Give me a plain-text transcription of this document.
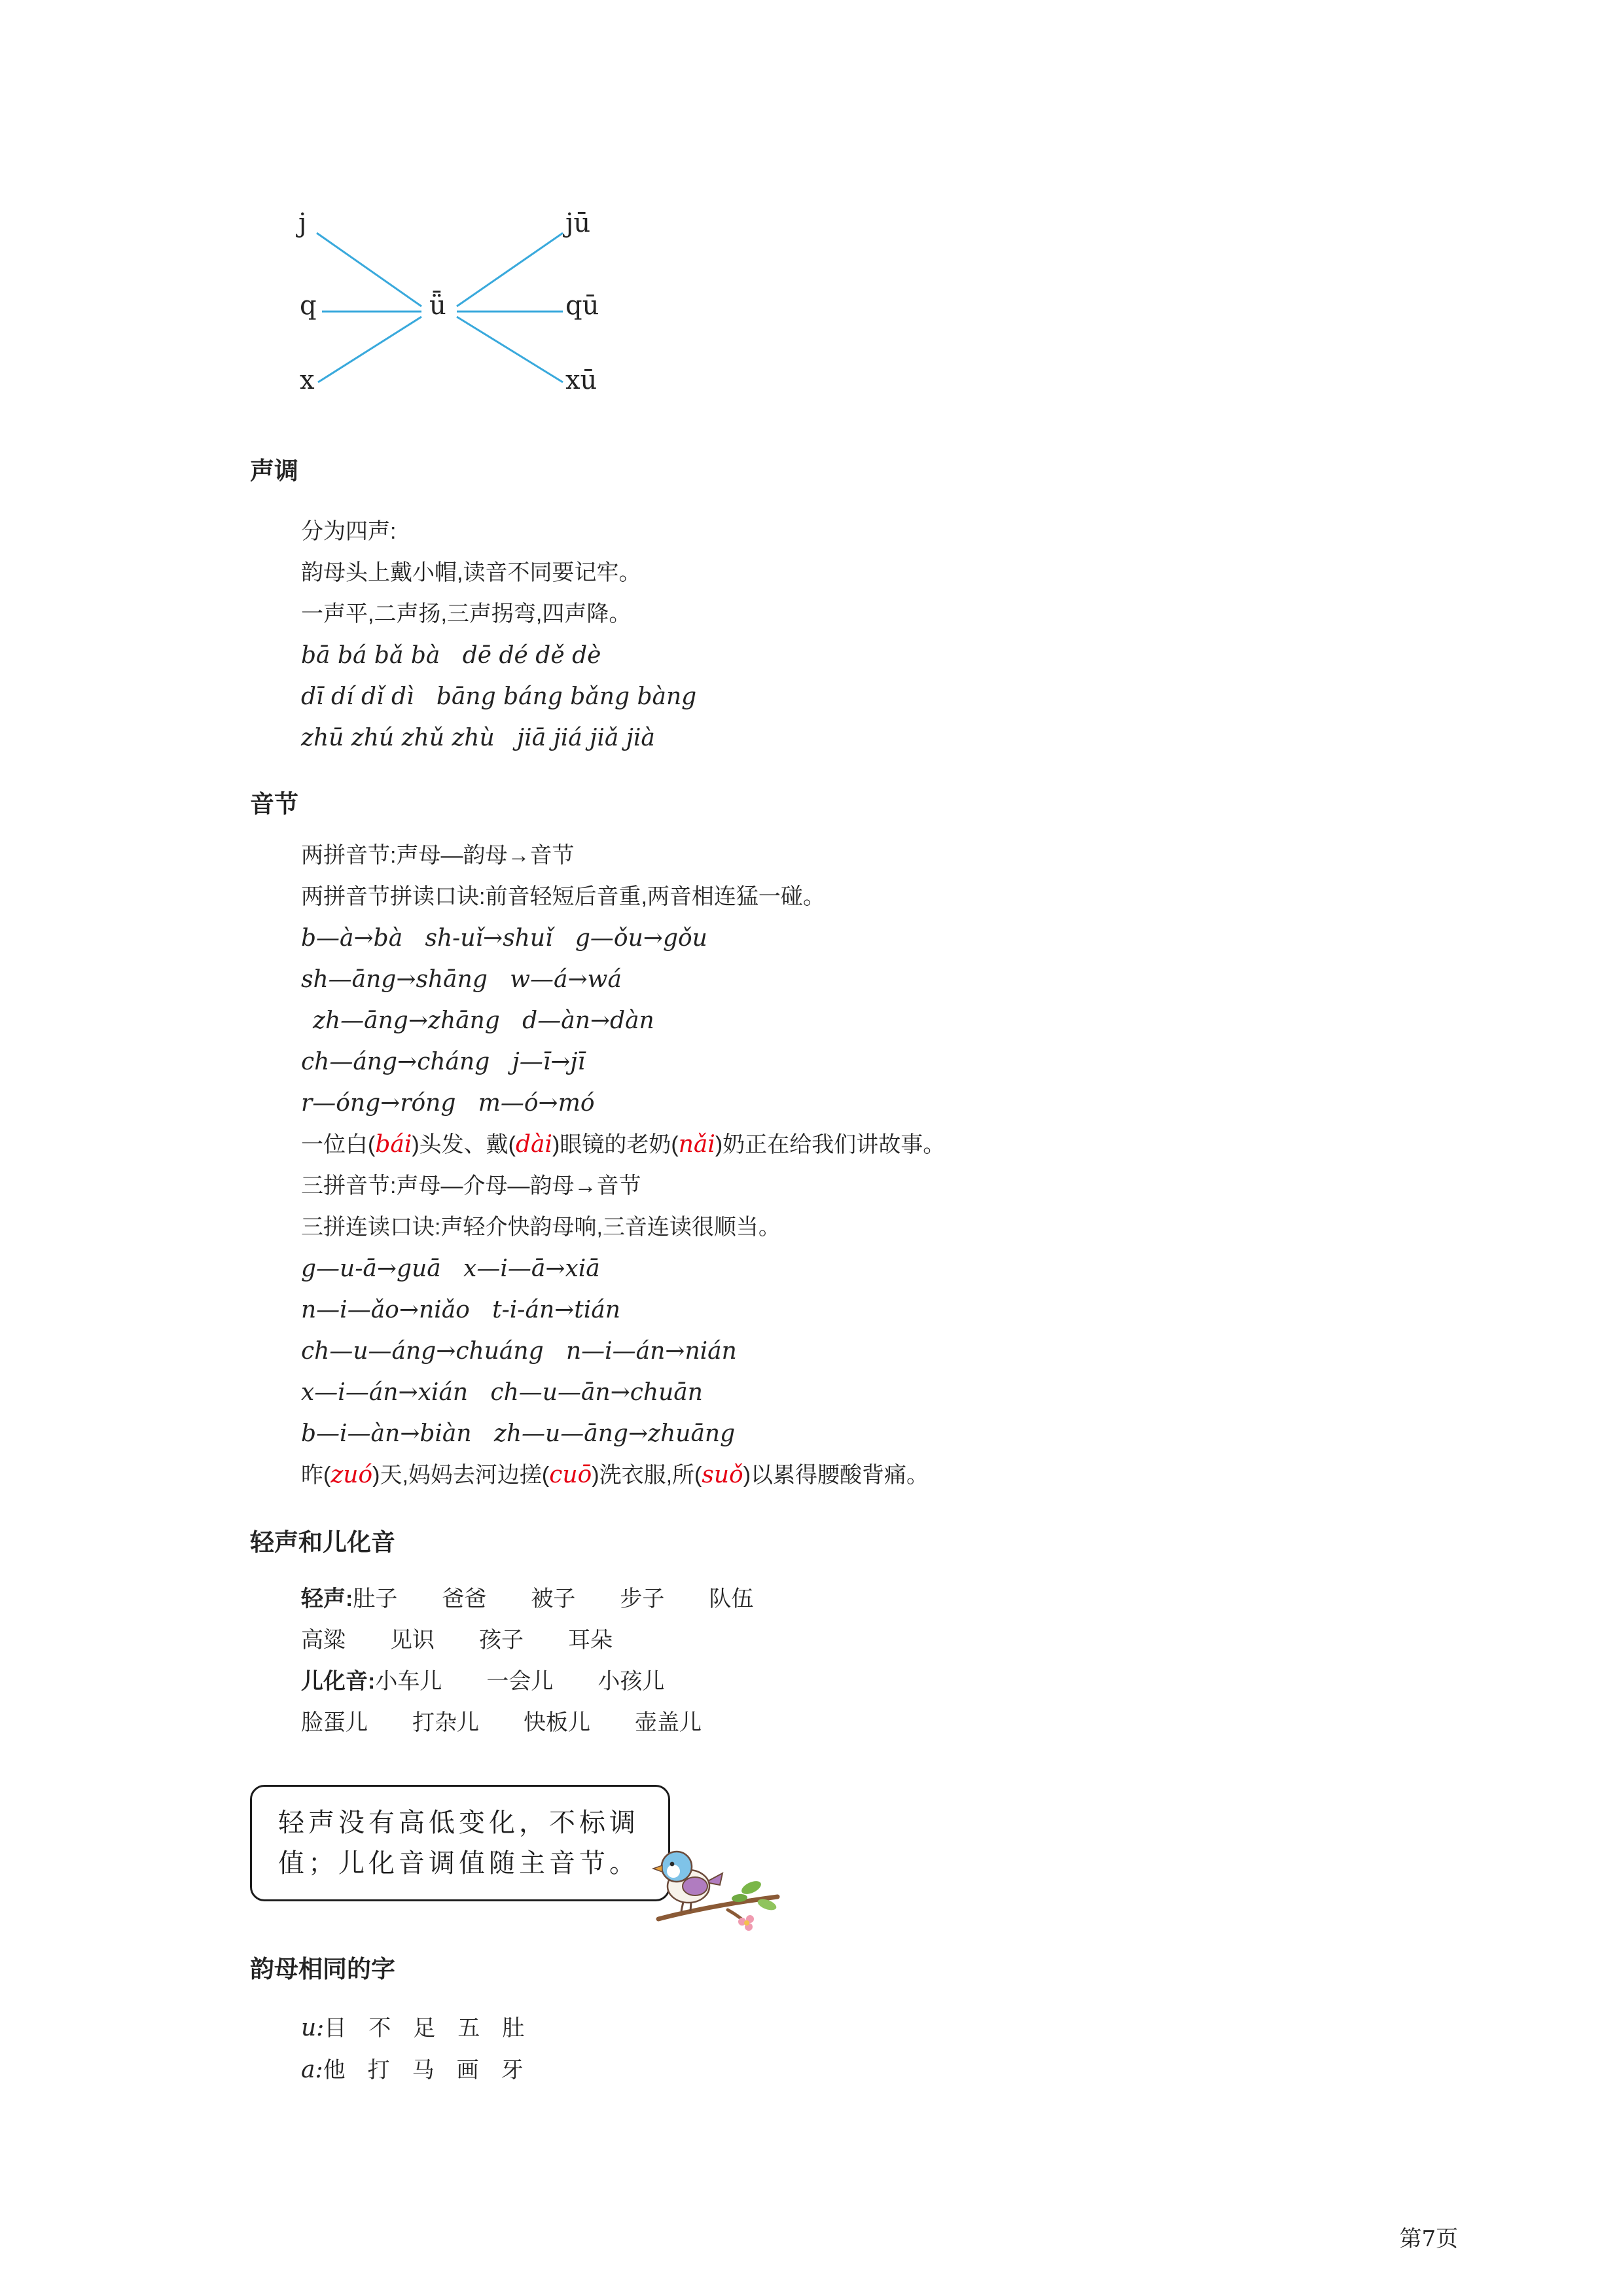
j
q
x
ǖ
jū
qū
xū
声调

分为四声:

韵母头上戴小帽,读音不同要记牢。

一声平,二声扬,三声拐弯,四声降。

bā bá bǎ bà   dē dé dě dè

dī dí dǐ dì   bāng báng bǎng bàng

zhū zhú zhǔ zhù   jiā jiá jiǎ jià

音节

两拼音节:声母—韵母→音节

两拼音节拼读口诀:前音轻短后音重,两音相连猛一碰。

b—à→bà   sh-uǐ→shuǐ   g—ǒu→gǒu

sh—āng→shāng   w—á→wá

zh—āng→zhāng   d—àn→dàn

ch—áng→cháng   j—ī→jī

r—óng→róng   m—ó→mó

一位白(bái)头发、戴(dài)眼镜的老奶(nǎi)奶正在给我们讲故事。

三拼音节:声母—介母—韵母→音节

三拼连读口诀:声轻介快韵母响,三音连读很顺当。

g—u-ā→guā   x—i—ā→xiā

n—i—ǎo→niǎo   t-i-án→tián

ch—u—áng→chuáng   n—i—án→nián

x—i—án→xián   ch—u—ān→chuān

b—i—àn→biàn   zh—u—āng→zhuāng

昨(zuó)天,妈妈去河边搓(cuō)洗衣服,所(suǒ)以累得腰酸背痛。

轻声和儿化音

轻声:肚子　　爸爸　　被子　　步子　　队伍

高粱　　见识　　孩子　　耳朵

儿化音:小车儿　　一会儿　　小孩儿

脸蛋儿　　打杂儿　　快板儿　　壶盖儿

轻声没有高低变化，不标调值；儿化音调值随主音节。
韵母相同的字

u:目　不　足　五　肚

a:他　打　马　画　牙

第7页
